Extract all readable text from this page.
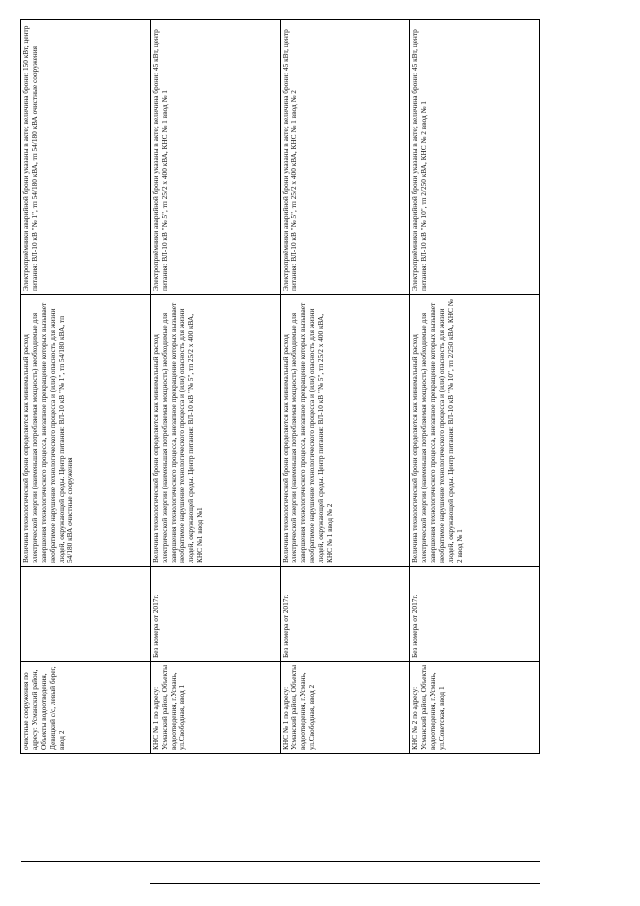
		очистные сооружения по адресу: Усманский район, Объекты водоотведения, Девицкий с/с, левый берег, ввод 2		Величина технологической брони определяется как минимальный расход электрической энергии (наименьшая потребляемая мощность) необходимые для завершения технологического процесса, внезапное прекращение которых вызывает необратимое нарушение технологического процесса и (или) опасность для жизни людей, окружающей среды. Центр питания: ВЛ-10 кВ "№ 1", тп 54/180 кВА, тп 54/180 кВА очистные сооружения	Электроприёмники аварийной брони указаны в акте; величина брони: 150 кВт, центр питания: ВЛ-10 кВ "№ 1", тп 54/180 кВА, тп 54/180 кВА очистные сооружения

		КНС № 1 по адресу: Усманский район, Объекты водоотведения, г.Усмань, ул.Свободная, ввод 1	Без номера от 2017г.	Величина технологической брони определяется как минимальный расход электрической энергии (наименьшая потребляемая мощность) необходимые для завершения технологического процесса, внезапное прекращение которых вызывает необратимое нарушение технологического процесса и (или) опасность для жизни людей, окружающей среды. Центр питания: ВЛ-10 кВ "№ 5", тп 25/2 х 400 кВА, КНС №1 ввод №1	Электроприёмники аварийной брони указаны в акте; величина брони: 45 кВт, центр питания: ВЛ-10 кВ "№ 5", тп 25/2 х 400 кВА, КНС № 1 ввод № 1

		КНС № 1 по адресу: Усманский район, Объекты водоотведения, г.Усмань, ул.Свободная, ввод 2	Без номера от 2017г.	Величина технологической брони определяется как минимальный расход электрической энергии (наименьшая потребляемая мощность) необходимые для завершения технологического процесса, внезапное прекращение которых вызывает необратимое нарушение технологического процесса и (или) опасность для жизни людей, окружающей среды. Центр питания: ВЛ-10 кВ "№ 5", тп 25/2 х 400 кВА, КНС № 1 ввод № 2	Электроприёмники аварийной брони указаны в акте; величина брони: 45 кВт, центр питания: ВЛ-10 кВ "№ 5", тп 25/2 х 400 кВА, КНС № 1 ввод № 2

		КНС № 2 по адресу: Усманский район, Объекты водоотведения, г.Усмань, ул.Советская, ввод 1	Без номера от 2017г.	Величина технологической брони определяется как минимальный расход электрической энергии (наименьшая потребляемая мощность) необходимые для завершения технологического процесса, внезапное прекращение которых вызывает необратимое нарушение технологического процесса и (или) опасность для жизни людей, окружающей среды. Центр питания: ВЛ-10 кВ "№ 10", тп 2/250 кВА, КНС № 2 ввод № 1	Электроприёмники аварийной брони указаны в акте; величина брони: 45 кВт, центр питания: ВЛ-10 кВ "№ 10", тп 2/250 кВА, КНС № 2 ввод № 1
